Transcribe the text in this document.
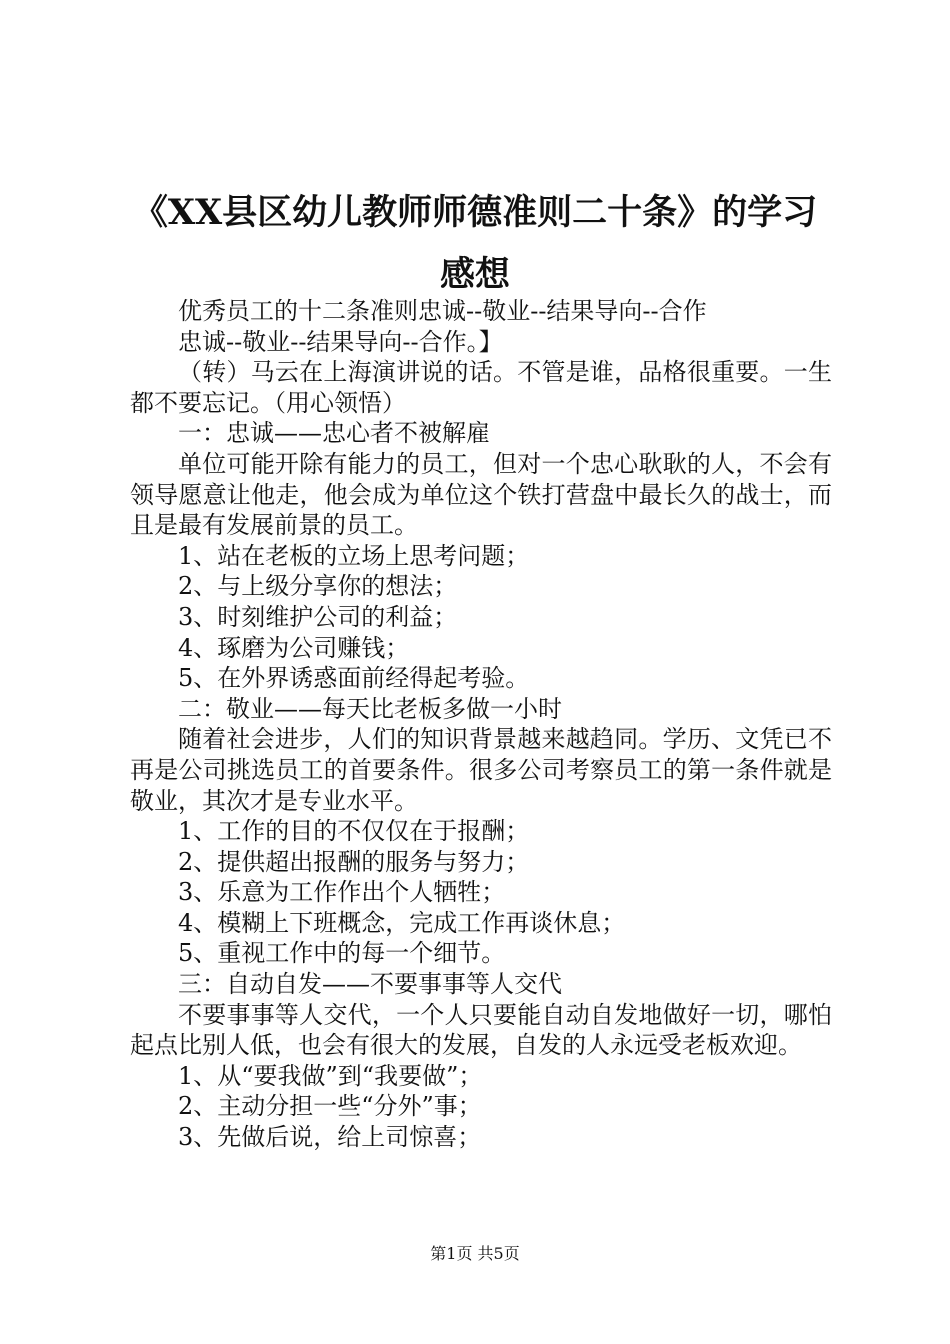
《XX县区幼儿教师师德准则二十条》的学习感想

优秀员工的十二条准则忠诚--敬业--结果导向--合作

忠诚--敬业--结果导向--合作。】

（转）马云在上海演讲说的话。不管是谁，品格很重要。一生都不要忘记。（用心领悟）

一：忠诚——忠心者不被解雇

单位可能开除有能力的员工，但对一个忠心耿耿的人，不会有领导愿意让他走，他会成为单位这个铁打营盘中最长久的战士，而且是最有发展前景的员工。

1、站在老板的立场上思考问题；

2、与上级分享你的想法；

3、时刻维护公司的利益；

4、琢磨为公司赚钱；

5、在外界诱惑面前经得起考验。

二：敬业——每天比老板多做一小时

随着社会进步，人们的知识背景越来越趋同。学历、文凭已不再是公司挑选员工的首要条件。很多公司考察员工的第一条件就是敬业，其次才是专业水平。

1、工作的目的不仅仅在于报酬；

2、提供超出报酬的服务与努力；

3、乐意为工作作出个人牺牲；

4、模糊上下班概念，完成工作再谈休息；

5、重视工作中的每一个细节。

三：自动自发——不要事事等人交代

不要事事等人交代，一个人只要能自动自发地做好一切，哪怕起点比别人低，也会有很大的发展，自发的人永远受老板欢迎。

1、从“要我做”到“我要做”；

2、主动分担一些“分外”事；

3、先做后说，给上司惊喜；

第1页 共5页
